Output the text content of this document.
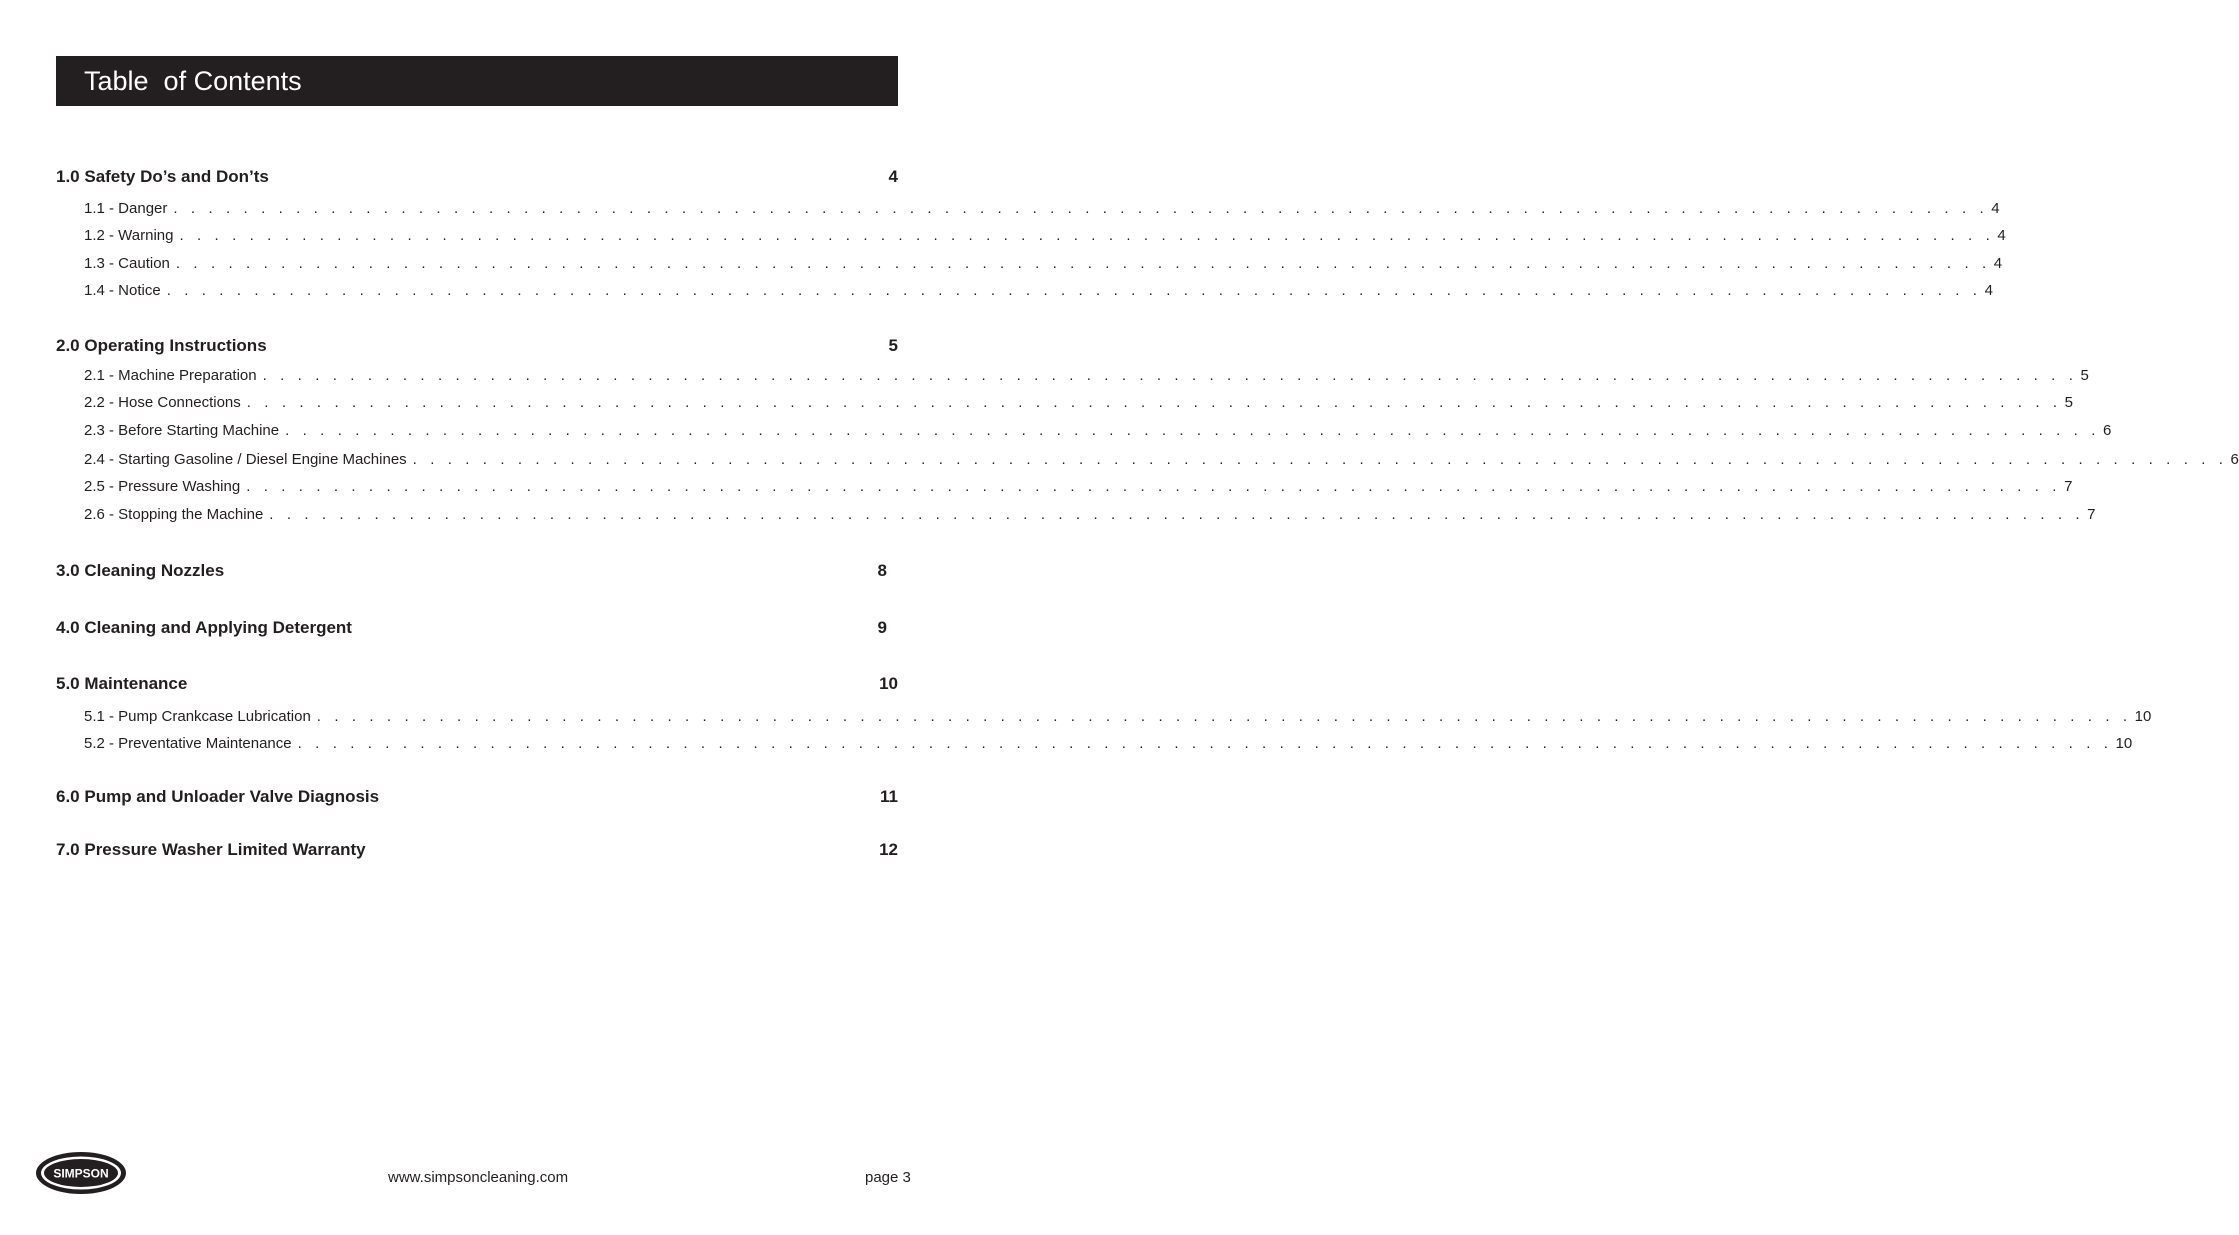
Table  of Contents
1.0 Safety Do’s and Don’ts	4
1.1 - Danger . . . . . . . . . . . . . . . . . . . . . . . . . . . . . . . . . . . . . . . . . . . . . . . . . . . . . . . . . . . . . . . . . . . . . . . . . . . . . . . . . . . . . . . . . . . . . . . . . . . . . . . . 4
1.2 - Warning . . . . . . . . . . . . . . . . . . . . . . . . . . . . . . . . . . . . . . . . . . . . . . . . . . . . . . . . . . . . . . . . . . . . . . . . . . . . . . . . . . . . . . . . . . . . . . . . . . . . . . . . 4
1.3 - Caution . . . . . . . . . . . . . . . . . . . . . . . . . . . . . . . . . . . . . . . . . . . . . . . . . . . . . . . . . . . . . . . . . . . . . . . . . . . . . . . . . . . . . . . . . . . . . . . . . . . . . . . . 4
1.4 - Notice . . . . . . . . . . . . . . . . . . . . . . . . . . . . . . . . . . . . . . . . . . . . . . . . . . . . . . . . . . . . . . . . . . . . . . . . . . . . . . . . . . . . . . . . . . . . . . . . . . . . . . . . 4
2.0 Operating Instructions	5
2.1 - Machine Preparation . . . . . . . . . . . . . . . . . . . . . . . . . . . . . . . . . . . . . . . . . . . . . . . . . . . . . . . . . . . . . . . . . . . . . . . . . . . . . . . . . . . . . . . . . . . . . . . . . . . . . . . . 5
2.2 - Hose Connections . . . . . . . . . . . . . . . . . . . . . . . . . . . . . . . . . . . . . . . . . . . . . . . . . . . . . . . . . . . . . . . . . . . . . . . . . . . . . . . . . . . . . . . . . . . . . . . . . . . . . . . . 5
2.3 - Before Starting Machine . . . . . . . . . . . . . . . . . . . . . . . . . . . . . . . . . . . . . . . . . . . . . . . . . . . . . . . . . . . . . . . . . . . . . . . . . . . . . . . . . . . . . . . . . . . . . . . . . . . . . . . . 6
2.4 - Starting Gasoline / Diesel Engine Machines . . . . . . . . . . . . . . . . . . . . . . . . . . . . . . . . . . . . . . . . . . . . . . . . . . . . . . . . . . . . . . . . . . . . . . . . . . . . . . . . . . . . . . . . . . . . . . . . . . . . . . . . 6
2.5 - Pressure Washing . . . . . . . . . . . . . . . . . . . . . . . . . . . . . . . . . . . . . . . . . . . . . . . . . . . . . . . . . . . . . . . . . . . . . . . . . . . . . . . . . . . . . . . . . . . . . . . . . . . . . . . . 7
2.6 - Stopping the Machine . . . . . . . . . . . . . . . . . . . . . . . . . . . . . . . . . . . . . . . . . . . . . . . . . . . . . . . . . . . . . . . . . . . . . . . . . . . . . . . . . . . . . . . . . . . . . . . . . . . . . . . . 7
3.0 Cleaning Nozzles	8
4.0 Cleaning and Applying Detergent	9
5.0 Maintenance	10
5.1 - Pump Crankcase Lubrication . . . . . . . . . . . . . . . . . . . . . . . . . . . . . . . . . . . . . . . . . . . . . . . . . . . . . . . . . . . . . . . . . . . . . . . . . . . . . . . . . . . . . . . . . . . . . . . . . . . . . . . . 10
5.2 - Preventative Maintenance . . . . . . . . . . . . . . . . . . . . . . . . . . . . . . . . . . . . . . . . . . . . . . . . . . . . . . . . . . . . . . . . . . . . . . . . . . . . . . . . . . . . . . . . . . . . . . . . . . . . . . . . 10
6.0 Pump and Unloader Valve Diagnosis	11
7.0 Pressure Washer Limited Warranty	12
SIMPSON	www.simpsoncleaning.com	page 3
